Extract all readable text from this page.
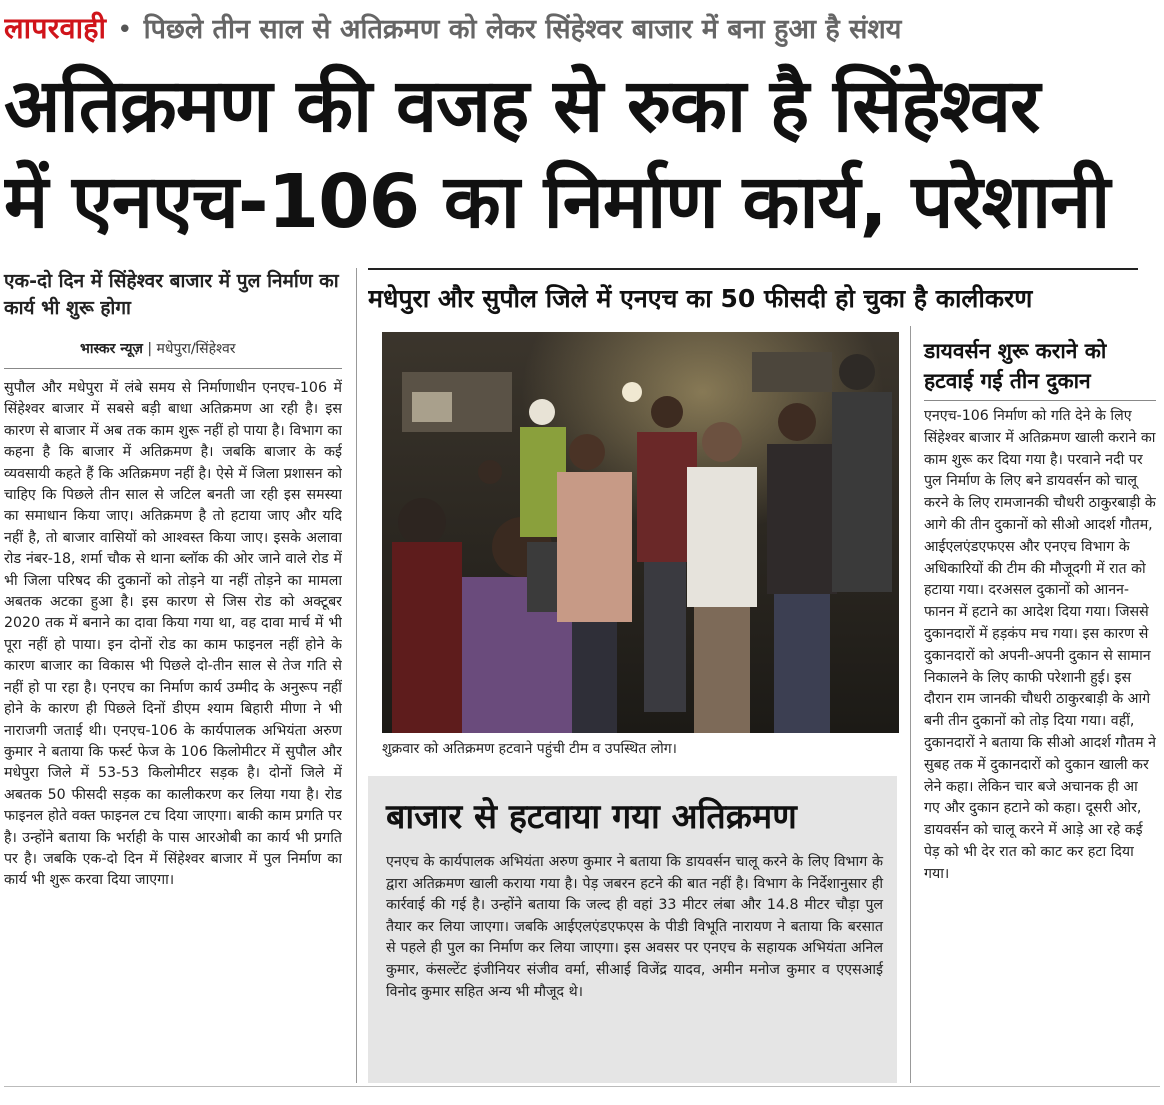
लापरवाही • पिछले तीन साल से अतिक्रमण को लेकर सिंहेश्वर बाजार में बना हुआ है संशय
अतिक्रमण की वजह से रुका है सिंहेश्वर
में एनएच-106 का निर्माण कार्य, परेशानी
एक-दो दिन में सिंहेश्वर बाजार में पुल निर्माण का कार्य भी शुरू होगा
भास्कर न्यूज़ | मधेपुरा/सिंहेश्वर
सुपौल और मधेपुरा में लंबे समय से निर्माणाधीन एनएच-106 में सिंहेश्वर बाजार में सबसे बड़ी बाधा अतिक्रमण आ रही है। इस कारण से बाजार में अब तक काम शुरू नहीं हो पाया है। विभाग का कहना है कि बाजार में अतिक्रमण है। जबकि बाजार के कई व्यवसायी कहते हैं कि अतिक्रमण नहीं है। ऐसे में जिला प्रशासन को चाहिए कि पिछले तीन साल से जटिल बनती जा रही इस समस्या का समाधान किया जाए। अतिक्रमण है तो हटाया जाए और यदि नहीं है, तो बाजार वासियों को आश्वस्त किया जाए। इसके अलावा रोड नंबर-18, शर्मा चौक से थाना ब्लॉक की ओर जाने वाले रोड में भी जिला परिषद की दुकानों को तोड़ने या नहीं तोड़ने का मामला अबतक अटका हुआ है। इस कारण से जिस रोड को अक्टूबर 2020 तक में बनाने का दावा किया गया था, वह दावा मार्च में भी पूरा नहीं हो पाया। इन दोनों रोड का काम फाइनल नहीं होने के कारण बाजार का विकास भी पिछले दो-तीन साल से तेज गति से नहीं हो पा रहा है। एनएच का निर्माण कार्य उम्मीद के अनुरूप नहीं होने के कारण ही पिछले दिनों डीएम श्याम बिहारी मीणा ने भी नाराजगी जताई थी। एनएच-106 के कार्यपालक अभियंता अरुण कुमार ने बताया कि फर्स्ट फेज के 106 किलोमीटर में सुपौल और मधेपुरा जिले में 53-53 किलोमीटर सड़क है। दोनों जिले में अबतक 50 फीसदी सड़क का कालीकरण कर लिया गया है। रोड फाइनल होते वक्त फाइनल टच दिया जाएगा। बाकी काम प्रगति पर है। उन्होंने बताया कि भर्राही के पास आरओबी का कार्य भी प्रगति पर है। जबकि एक-दो दिन में सिंहेश्वर बाजार में पुल निर्माण का कार्य भी शुरू करवा दिया जाएगा।
मधेपुरा और सुपौल जिले में एनएच का 50 फीसदी हो चुका है कालीकरण
शुक्रवार को अतिक्रमण हटवाने पहुंची टीम व उपस्थित लोग।
बाजार से हटवाया गया अतिक्रमण
एनएच के कार्यपालक अभियंता अरुण कुमार ने बताया कि डायवर्सन चालू करने के लिए विभाग के द्वारा अतिक्रमण खाली कराया गया है। पेड़ जबरन हटने की बात नहीं है। विभाग के निर्देशानुसार ही कार्रवाई की गई है। उन्होंने बताया कि जल्द ही वहां 33 मीटर लंबा और 14.8 मीटर चौड़ा पुल तैयार कर लिया जाएगा। जबकि आईएलएंडएफएस के पीडी विभूति नारायण ने बताया कि बरसात से पहले ही पुल का निर्माण कर लिया जाएगा। इस अवसर पर एनएच के सहायक अभियंता अनिल कुमार, कंसल्टेंट इंजीनियर संजीव वर्मा, सीआई विजेंद्र यादव, अमीन मनोज कुमार व एएसआई विनोद कुमार सहित अन्य भी मौजूद थे।
डायवर्सन शुरू कराने को हटवाई गई तीन दुकान
एनएच-106 निर्माण को गति देने के लिए सिंहेश्वर बाजार में अतिक्रमण खाली कराने का काम शुरू कर दिया गया है। परवाने नदी पर पुल निर्माण के लिए बने डायवर्सन को चालू करने के लिए रामजानकी चौधरी ठाकुरबाड़ी के आगे की तीन दुकानों को सीओ आदर्श गौतम, आईएलएंडएफएस और एनएच विभाग के अधिकारियों की टीम की मौजूदगी में रात को हटाया गया। दरअसल दुकानों को आनन- फानन में हटाने का आदेश दिया गया। जिससे दुकानदारों में हड़कंप मच गया। इस कारण से दुकानदारों को अपनी-अपनी दुकान से सामान निकालने के लिए काफी परेशानी हुई। इस दौरान राम जानकी चौधरी ठाकुरबाड़ी के आगे बनी तीन दुकानों को तोड़ दिया गया। वहीं, दुकानदारों ने बताया कि सीओ आदर्श गौतम ने सुबह तक में दुकानदारों को दुकान खाली कर लेने कहा। लेकिन चार बजे अचानक ही आ गए और दुकान हटाने को कहा। दूसरी ओर, डायवर्सन को चालू करने में आड़े आ रहे कई पेड़ को भी देर रात को काट कर हटा दिया गया।
